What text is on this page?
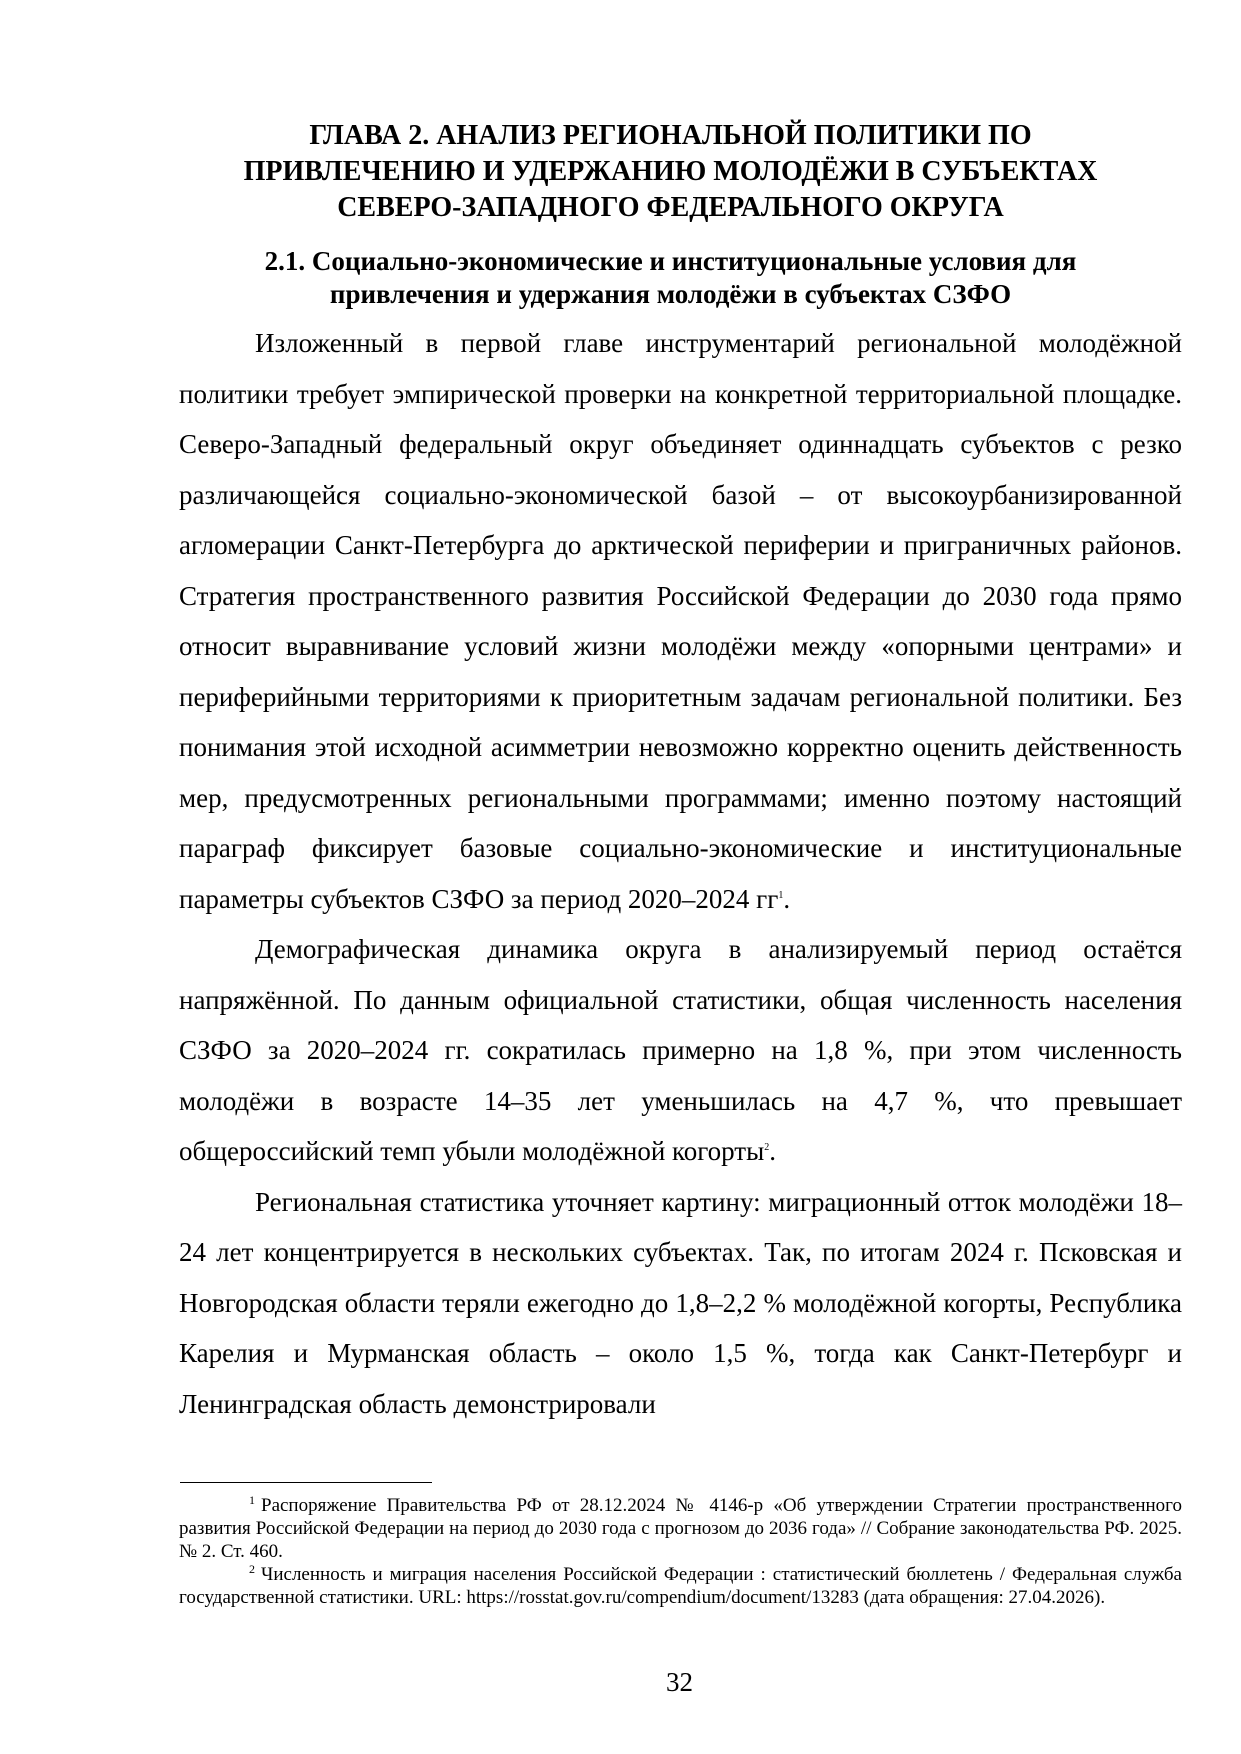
ГЛАВА 2. АНАЛИЗ РЕГИОНАЛЬНОЙ ПОЛИТИКИ ПО
ПРИВЛЕЧЕНИЮ И УДЕРЖАНИЮ МОЛОДЁЖИ В СУБЪЕКТАХ
СЕВЕРО-ЗАПАДНОГО ФЕДЕРАЛЬНОГО ОКРУГА
2.1. Социально-экономические и институциональные условия для
привлечения и удержания молодёжи в субъектах СЗФО

Изложенный в первой главе инструментарий региональной молодёжной политики требует эмпирической проверки на конкретной территориальной площадке. Северо-Западный федеральный округ объединяет одиннадцать субъектов с резко различающейся социально-экономической базой – от высокоурбанизированной агломерации Санкт-Петербурга до арктической периферии и приграничных районов. Стратегия пространственного развития Российской Федерации до 2030 года прямо относит выравнивание условий жизни молодёжи между «опорными центрами» и периферийными территориями к приоритетным задачам региональной политики. Без понимания этой исходной асимметрии невозможно корректно оценить действенность мер, предусмотренных региональными программами; именно поэтому настоящий параграф фиксирует базовые социально-экономические и институциональные параметры субъектов СЗФО за период 2020–2024 гг$^1$.

Демографическая динамика округа в анализируемый период остаётся напряжённой. По данным официальной статистики, общая численность населения СЗФО за 2020–2024 гг. сократилась примерно на 1,8 %, при этом численность молодёжи в возрасте 14–35 лет уменьшилась на 4,7 %, что превышает общероссийский темп убыли молодёжной когорты$^2$.

Региональная статистика уточняет картину: миграционный отток молодёжи 18–24 лет концентрируется в нескольких субъектах. Так, по итогам 2024 г. Псковская и Новгородская области теряли ежегодно до 1,8–2,2 % молодёжной когорты, Республика Карелия и Мурманская область – около 1,5 %, тогда как Санкт-Петербург и Ленинградская область демонстрировали

$^1$ Распоряжение Правительства РФ от 28.12.2024 № 4146-р «Об утверждении Стратегии пространственного развития Российской Федерации на период до 2030 года с прогнозом до 2036 года» // Собрание законодательства РФ. 2025. № 2. Ст. 460.

$^2$ Численность и миграция населения Российской Федерации : статистический бюллетень / Федеральная служба государственной статистики. URL: https://rosstat.gov.ru/compendium/document/13283 (дата обращения: 27.04.2026).

32
